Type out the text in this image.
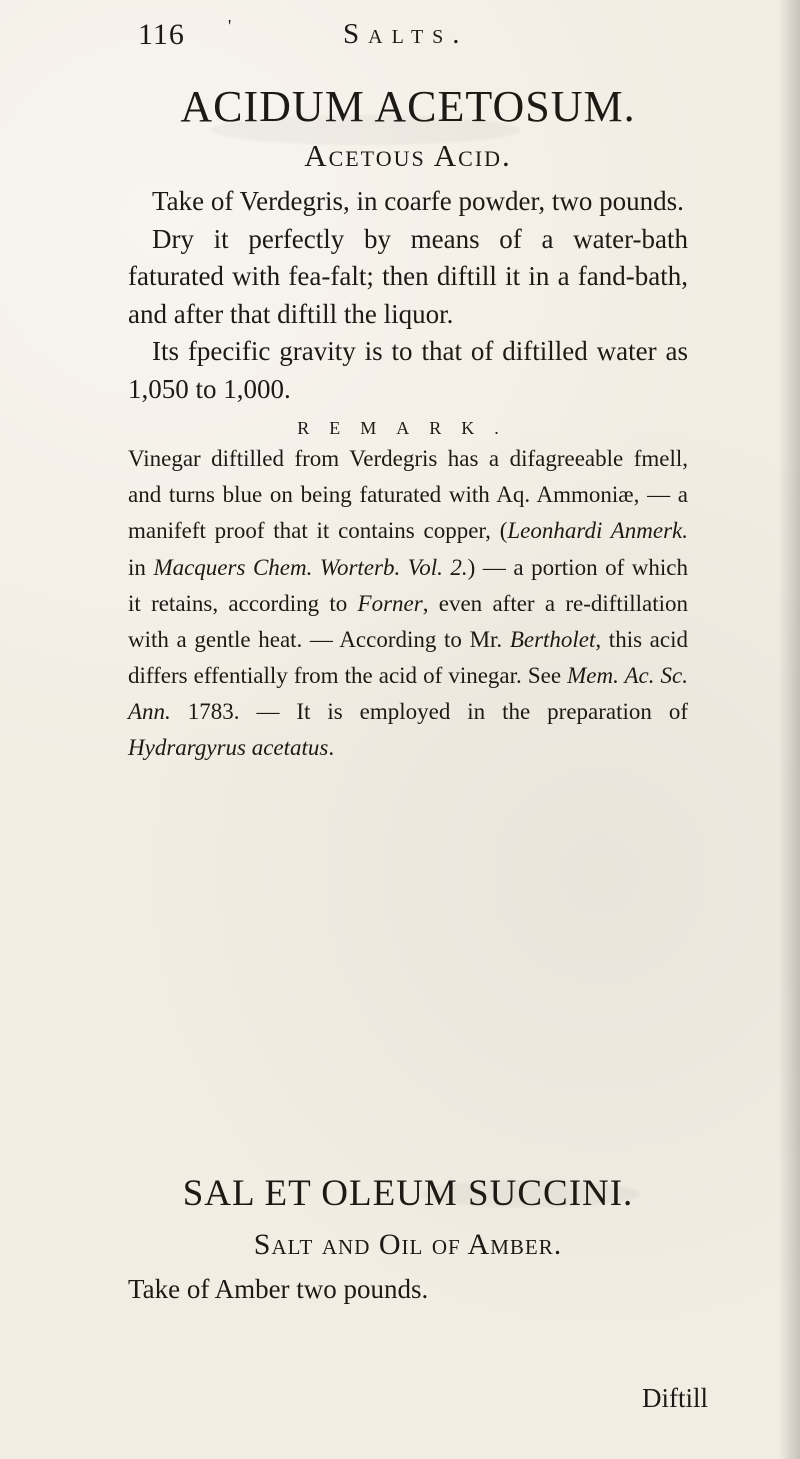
116 '	Salts.
ACIDUM ACETOSUM.
Acetous Acid.

Take of Verdegris, in coarfe powder, two pounds.

Dry it perfectly by means of a water-bath faturated with fea-falt; then diftill it in a fand-bath, and after that diftill the liquor.

Its fpecific gravity is to that of diftilled water as 1,050 to 1,000.

REMARK.
Vinegar diftilled from Verdegris has a difagreeable fmell, and turns blue on being faturated with Aq. Ammoniæ, — a manifeft proof that it contains copper, (Leonhardi Anmerk. in Macquers Chem. Worterb. Vol. 2.) — a portion of which it retains, according to Forner, even after a re-diftillation with a gentle heat. — According to Mr. Bertholet, this acid differs effentially from the acid of vinegar. See Mem. Ac. Sc. Ann. 1783. — It is employed in the preparation of Hydrargyrus acetatus.
SAL ET OLEUM SUCCINI.
Salt and Oil of Amber.

Take of Amber two pounds.

Diftill
